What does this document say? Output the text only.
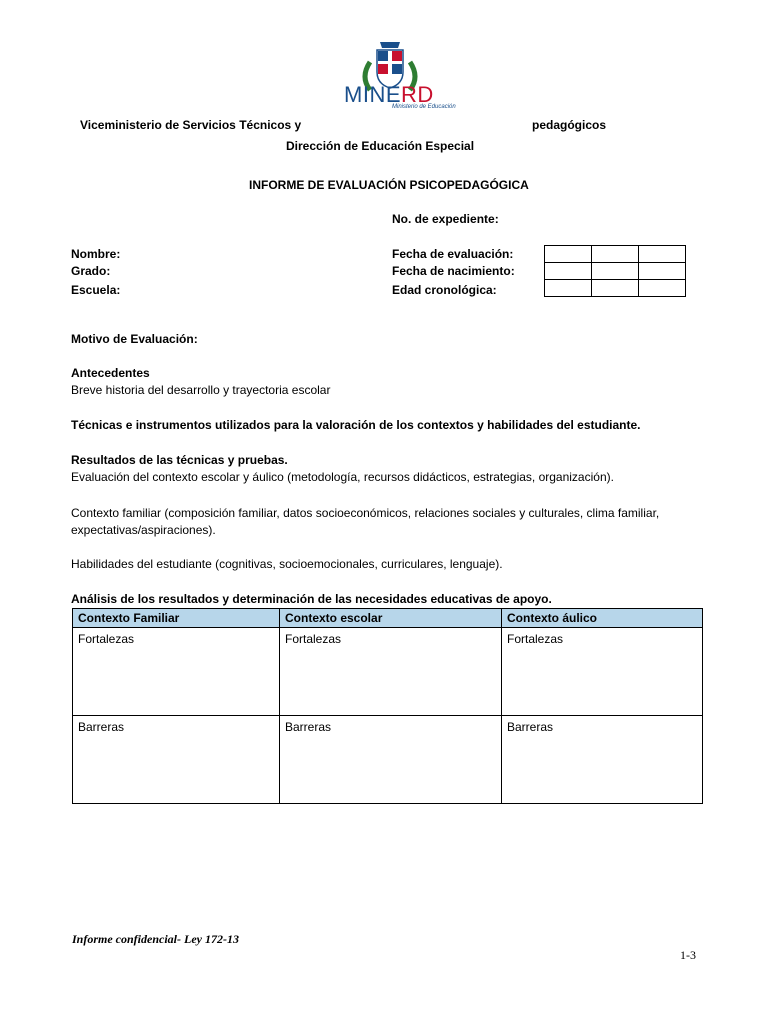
MINERD
Ministerio de Educación
Viceministerio de Servicios Técnicos y	pedagógicos
Dirección de Educación Especial
INFORME DE EVALUACIÓN PSICOPEDAGÓGICA
No. de expediente:
Nombre:
Grado:
Escuela:
Fecha de evaluación:
Fecha de nacimiento:
Edad cronológica:

Motivo de Evaluación:
Antecedentes
Breve historia del desarrollo y trayectoria escolar
Técnicas e instrumentos utilizados para la valoración de los contextos y habilidades del estudiante.
Resultados de las técnicas y pruebas.
Evaluación del contexto escolar y áulico (metodología, recursos didácticos, estrategias, organización).
Contexto familiar (composición familiar, datos socioeconómicos, relaciones sociales y culturales, clima familiar,
expectativas/aspiraciones).
Habilidades del estudiante (cognitivas, socioemocionales, curriculares, lenguaje).
Análisis de los resultados y determinación de las necesidades educativas de apoyo.
Contexto Familiar	Contexto escolar	Contexto áulico
Fortalezas	Fortalezas	Fortalezas
Barreras	Barreras	Barreras
Informe confidencial- Ley 172-13
1-3
